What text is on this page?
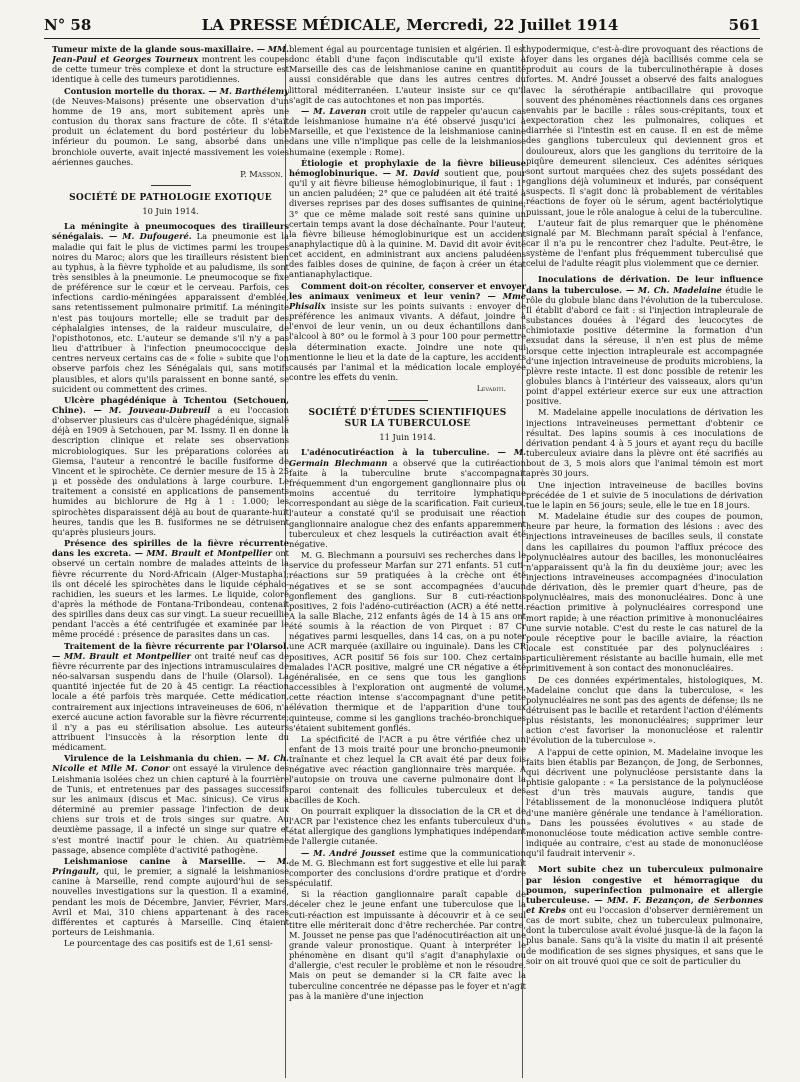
N° 58	LA PRESSE MÉDICALE, Mercredi, 22 Juillet 1914	561

Tumeur mixte de la glande sous-maxillaire. — MM. Jean-Paul et Georges Tourneux montrent les coupes de cette tumeur très complexe et dont la structure est identique à celle des tumeurs parotidiennes.

Contusion mortelle du thorax. — M. Barthélemy (de Neuves-Maisons) présente une observation d'un homme de 19 ans, mort subitement après une contusion du thorax sans fracture de côte. Il s'était produit un éclatement du bord postérieur du lobe inférieur du poumon. Le sang, absorbé dans une bronchiole ouverte, avait injecté massivement les voies aériennes gauches.

P. Masson.
SOCIÉTÉ DE PATHOLOGIE EXOTIQUE
10 Juin 1914.

La méningite à pneumocoques des tirailleurs sénégalais. — M. Dufougeré. La pneumonie est la maladie qui fait le plus de victimes parmi les troupes noires du Maroc; alors que les tirailleurs résistent bien au typhus, à la fièvre typhoïde et au paludisme, ils sont très sensibles à la pneumonie. Le pneumocoque se fixe de préférence sur le cœur et le cerveau. Parfois, ces infections cardio-méningées apparaissent d'emblée, sans retentissement pulmonaire primitif. La méningite n'est pas toujours mortelle; elle se traduit par des céphalalgies intenses, de la raideur musculaire, de l'opisthotonos, etc. L'auteur se demande s'il n'y a pas lieu d'attribuer à l'infection pneumococcique des centres nerveux certains cas de « folie » subite que l'on observe parfois chez les Sénégalais qui, sans motifs plausibles, et alors qu'ils paraissent en bonne santé, se suicident ou commettent des crimes.

Ulcère phagédénique à Tchentou (Setchouen, Chine). — M. Jouveau-Dubreuil a eu l'occasion d'observer plusieurs cas d'ulcère phagédénique, signalé déjà en 1909 à Setchouen, par M. Issmy. Il en donne la description clinique et relate ses observations microbiologiques. Sur les préparations colorées au Giemsa, l'auteur a rencontré le bacille fusiforme de Vincent et le spirochète. Ce dernier mesure de 15 à 25 μ et possède des ondulations à large courbure. Le traitement a consisté en applications de pansements humides au bichlorure de Hg à 1 : 1.000; les spirochètes disparaissent déjà au bout de quarante-huit heures, tandis que les B. fusiformes ne se détruisent qu'après plusieurs jours.

Présence des spirilles de la fièvre récurrente dans les excreta. — MM. Brault et Montpellier ont observé un certain nombre de malades atteints de la fièvre récurrente du Nord-Africain (Alger-Mustapha); ils ont décelé les spirochètes dans le liquide céphalo-rachidien, les sueurs et les larmes. Le liquide, coloré d'après la méthode de Fontana-Tribondeau, contenait des spirilles dans deux cas sur vingt. La sueur recueillie pendant l'accès a été centrifugée et examinée par le même procédé : présence de parasites dans un cas.

Traitement de la fièvre récurrente par l'Olarsol. — MM. Brault et Montpellier ont traité neuf cas de fièvre récurrente par des injections intramusculaires de néo-salvarsan suspendu dans de l'huile (Olarsol). La quantité injectée fut de 20 à 45 centigr. La réaction locale a été parfois très marquée. Cette médication, contrairement aux injections intraveineuses de 606, n'a exercé aucune action favorable sur la fièvre récurrente; il n'y a pas eu stérilisation absolue. Les auteurs attribuent l'insuccès à la résorption lente du médicament.

Virulence de la Leishmania du chien. — M. Ch. Nicolle et Mlle M. Conor ont essayé la virulence des Leishmania isolées chez un chien capturé à la fourrière de Tunis, et entretenues par des passages successifs sur les animaux (discus et Mac. sinicus). Ce virus a déterminé au premier passage l'infection de deux chiens sur trois et de trois singes sur quatre. Au deuxième passage, il a infecté un singe sur quatre et s'est montré inactif pour le chien. Au quatrième passage, absence complète d'activité pathogène.

Leishmaniose canine à Marseille. — M. Pringault, qui, le premier, a signalé la leishmaniose canine à Marseille, rend compte aujourd'hui de ses nouvelles investigations sur la question. Il a examiné, pendant les mois de Décembre, Janvier, Février, Mars, Avril et Mai, 310 chiens appartenant à des races différentes et capturés à Marseille. Cinq étaient porteurs de Leishmania.

Le pourcentage des cas positifs est de 1,61 sensi-

blement égal au pourcentage tunisien et algérien. Il est donc établi d'une façon indiscutable qu'il existe à Marseille des cas de leishmaniose canine en quantité aussi considérable que dans les autres centres du littoral méditerranéen. L'auteur insiste sur ce qu'il s'agit de cas autochtones et non pas importés.

— M. Laveran croit utile de rappeler qu'aucun cas de leishmaniose humaine n'a été observé jusqu'ici à Marseille, et que l'existence de la leishmaniose canine dans une ville n'implique pas celle de la leishmaniose humaine (exemple : Rome).

Étiologie et prophylaxie de la fièvre bilieuse hémoglobinurique. — M. David soutient que, pour qu'il y ait fièvre bilieuse hémoglobinurique, il faut : 1° un ancien paludéen; 2° que ce paludéen ait été traité à diverses reprises par des doses suffisantes de quinine; 3° que ce même malade soit resté sans quinine un certain temps avant la dose déchaînante. Pour l'auteur, la fièvre bilieuse hémoglobinurique est un accident anaphylactique dû à la quinine. M. David dit avoir évité cet accident, en administrant aux anciens paludéens des faibles doses de quinine, de façon à créer un état antianaphylactique.

Comment doit-on récolter, conserver et envoyer les animaux venimeux et leur venin? — Mme Phisalix insiste sur les points suivants : envoyer de préférence les animaux vivants. A défaut, joindre à l'envoi de leur venin, un ou deux échantillons dans l'alcool à 80° ou le formol à 3 pour 100 pour permettre la détermination exacte. Joindre une note qui mentionne le lieu et la date de la capture, les accidents causés par l'animal et la médication locale employée contre les effets du venin.

Levaditi.
SOCIÉTÉ D'ÉTUDES SCIENTIFIQUES
SUR LA TUBERCULOSE
11 Juin 1914.

L'adénocutiréaction à la tuberculine. — M. Germain Blechmann a observé que la cutiréaction faite à la tuberculine brute s'accompagnait fréquemment d'un engorgement ganglionnaire plus ou moins accentué du territoire lymphatique correspondant au siège de la scarification. Fait curieux, l'auteur a constaté qu'il se produisait une réaction ganglionnaire analogue chez des enfants apparemment tuberculeux et chez lesquels la cutiréaction avait été négative.

M. G. Blechmann a poursuivi ses recherches dans le service du professeur Marfan sur 271 enfants. 51 cuti-réactions sur 59 pratiquées à la crèche ont été négatives et se se sont accompagnées d'aucun gonflement des ganglions. Sur 8 cuti-réactions positives, 2 fois l'adéno-cutiréaction (ACR) a été nette. A la salle Blache, 212 enfants âgés de 14 à 15 ans ont été soumis à la réaction de von Pirquet : 87 Cr négatives parmi lesquelles, dans 14 cas, on a pu noter une ACR marquée (axillaire ou inguinale). Dans les CR positives, ACR positif 56 fois sur 100. Chez certains malades l'ACR positive, malgré une CR négative a été généralisée, en ce sens que tous les ganglions accessibles à l'exploration ont augmenté de volume, cette réaction intense s'accompagnant d'une petite élévation thermique et de l'apparition d'une toux quinteuse, comme si les ganglions trachéo-bronchiques s'étaient subitement gonflés.

La spécificité de l'ACR a pu être vérifiée chez un enfant de 13 mois traité pour une broncho-pneumonie traînante et chez lequel la CR avait été par deux fois négative avec réaction ganglionnaire très marquée. A l'autopsie on trouva une caverne pulmonaire dont la paroi contenait des follicules tuberculeux et des bacilles de Koch.

On pourrait expliquer la dissociation de la CR et de l'ACR par l'existence chez les enfants tuberculeux d'un état allergique des ganglions lymphatiques indépendant de l'allergie cutanée.

— M. André Jousset estime que la communication de M. G. Blechmann est fort suggestive et elle lui paraît comporter des conclusions d'ordre pratique et d'ordre spéculatif.

Si la réaction ganglionnaire paraît capable de déceler chez le jeune enfant une tuberculose que la cuti-réaction est impuissante à découvrir et à ce seul titre elle mériterait donc d'être recherchée. Par contre, M. Jousset ne pense pas que l'adénocutiréaction ait une grande valeur pronostique. Quant à interpréter le phénomène en disant qu'il s'agit d'anaphylaxie ou d'allergie, c'est reculer le problème et non le résoudre. Mais on peut se demander si la CR faite avec la tuberculine concentrée ne dépasse pas le foyer et n'agit pas à la manière d'une injection

hypodermique, c'est-à-dire provoquant des réactions de foyer dans les organes déjà bacillisés comme cela se produit au cours de la tuberculinothérapie à doses fortes. M. André Jousset a observé des faits analogues avec la sérothérapie antibacillaire qui provoque souvent des phénomènes réactionnels dans ces organes envahis par le bacille : râles sous-crépitants, toux et expectoration chez les pulmonaires, coliques et diarrhée si l'intestin est en cause. Il en est de même des ganglions tuberculeux qui deviennent gros et douloureux, alors que les ganglions du territoire de la piqûre demeurent silencieux. Ces adénites sériques sont surtout marquées chez des sujets possédant des ganglions déjà volumineux et indurés, par conséquent suspects. Il s'agit donc là probablement de véritables réactions de foyer où le sérum, agent bactériolytique puissant, joue le rôle analogue à celui de la tuberculine.

L'auteur fait de plus remarquer que le phénomène signalé par M. Blechmann paraît spécial à l'enfance, car il n'a pu le rencontrer chez l'adulte. Peut-être, le système de l'enfant plus fréquemment tuberculisé que celui de l'adulte réagit plus violemment que ce dernier.

Inoculations de dérivation. De leur influence dans la tuberculose. — M. Ch. Madelaine étudie le rôle du globule blanc dans l'évolution de la tuberculose. Il établit d'abord ce fait : si l'injection intrapleurale de substances douées à l'égard des leucocytes de chimiotaxie positive détermine la formation d'un exsudat dans la séreuse, il n'en est plus de même lorsque cette injection intrapleurale est accompagnée d'une injection intraveineuse de produits microbiens, la plèvre reste intacte. Il est donc possible de retenir les globules blancs à l'intérieur des vaisseaux, alors qu'un point d'appel extérieur exerce sur eux une attraction positive.

M. Madelaine appelle inoculations de dérivation les injections intraveineuses permettant d'obtenir ce résultat. Des lapins soumis à ces inoculations de dérivation pendant 4 à 5 jours et ayant reçu du bacille tuberculeux aviaire dans la plèvre ont été sacrifiés au bout de 3, 5 mois alors que l'animal témoin est mort après 30 jours.

Une injection intraveineuse de bacilles bovins précédée de 1 et suivie de 5 inoculations de dérivation tue le lapin en 56 jours; seule, elle le tue en 18 jours.

M. Madelaine étudie sur des coupes de poumon, heure par heure, la formation des lésions : avec des injections intraveineuses de bacilles seuls, il constate dans les capillaires du poumon l'afflux précoce des polynucléaires autour des bacilles, les mononucléaires n'apparaissent qu'à la fin du deuxième jour; avec les injections intraveineuses accompagnées d'inoculation de dérivation, dès le premier quart d'heure, pas de polynucléaires, mais des mononucléaires. Donc à une réaction primitive à polynucléaires correspond une mort rapide; à une réaction primitive à mononucléaires une survie notable. C'est du reste le cas naturel de la poule réceptive pour le bacille aviaire, la réaction locale est constituée par des polynucléaires : particulièrement résistante au bacille humain, elle met primitivement à son contact des mononucléaires.

De ces données expérimentales, histologiques, M. Madelaine conclut que dans la tuberculose, « les polynucléaires ne sont pas des agents de défense; ils ne détruisent pas le bacille et retardent l'action d'éléments plus résistants, les mononucléaires; supprimer leur action c'est favoriser la mononucléose et ralentir l'évolution de la tuberculose ».

A l'appui de cette opinion, M. Madelaine invoque les faits bien établis par Bezançon, de Jong, de Serbonnes, qui décrivent une polynucléose persistante dans la phtisie galopante : « La persistance de la polynucléose est d'un très mauvais augure, tandis que l'établissement de la mononucléose indiquera plutôt d'une manière générale une tendance à l'amélioration. » Dans les poussées évolutives « au stade de mononucléose toute médication active semble contre-indiquée au contraire, c'est au stade de mononucléose qu'il faudrait intervenir ».

Mort subite chez un tuberculeux pulmonaire par lésion congestive et hémorragique du poumon, superinfection pulmonaire et allergie tuberculeuse. — MM. F. Bezançon, de Serbonnes et Krebs ont eu l'occasion d'observer dernièrement un cas de mort subite, chez un tuberculeux pulmonaire, dont la tuberculose avait évolué jusque-là de la façon la plus banale. Sans qu'à la visite du matin il ait présenté de modification de ses signes physiques, et sans que le soir on ait trouvé quoi que ce soit de particulier du
